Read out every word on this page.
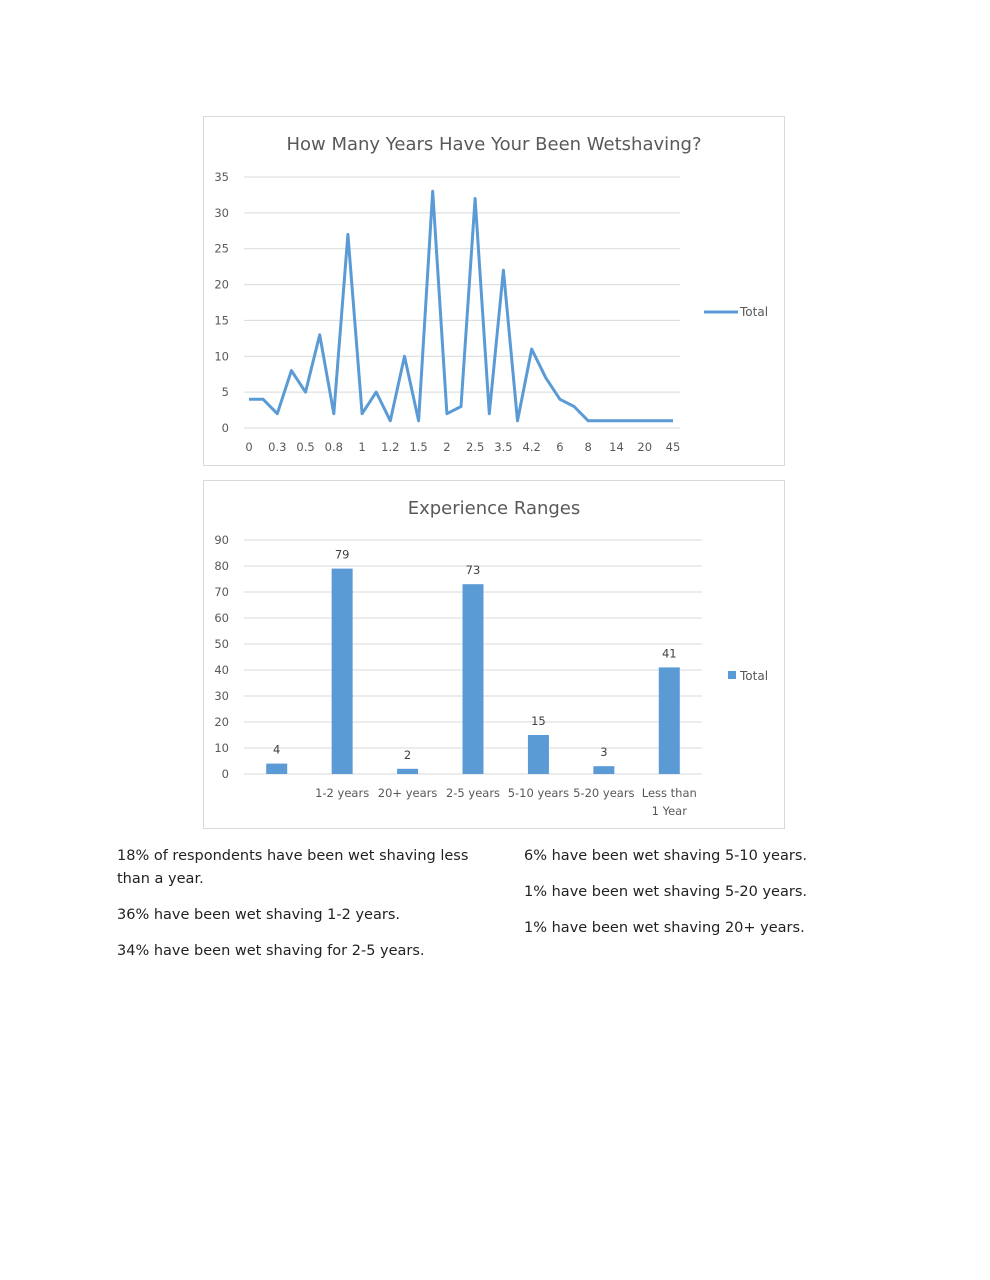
How Many Years Have Your Been Wetshaving?
0
5
10
15
20
25
30
35
0 0.3 0.5 0.8 1 1.2 1.5 2 2.5 3.5 4.2 6 8 14 20 45
Total
Experience Ranges
0
10
20
30
40
50
60
70
80
90
4
79
1-2 years
2
20+ years
73
2-5 years
15
5-10 years
3
5-20 years
41
Less than
1 Year
Total

18% of respondents have been wet shaving less than a year.

36% have been wet shaving 1-2 years.

34% have been wet shaving for 2-5 years.

6% have been wet shaving 5-10 years.

1% have been wet shaving 5-20 years.

1% have been wet shaving 20+ years.
